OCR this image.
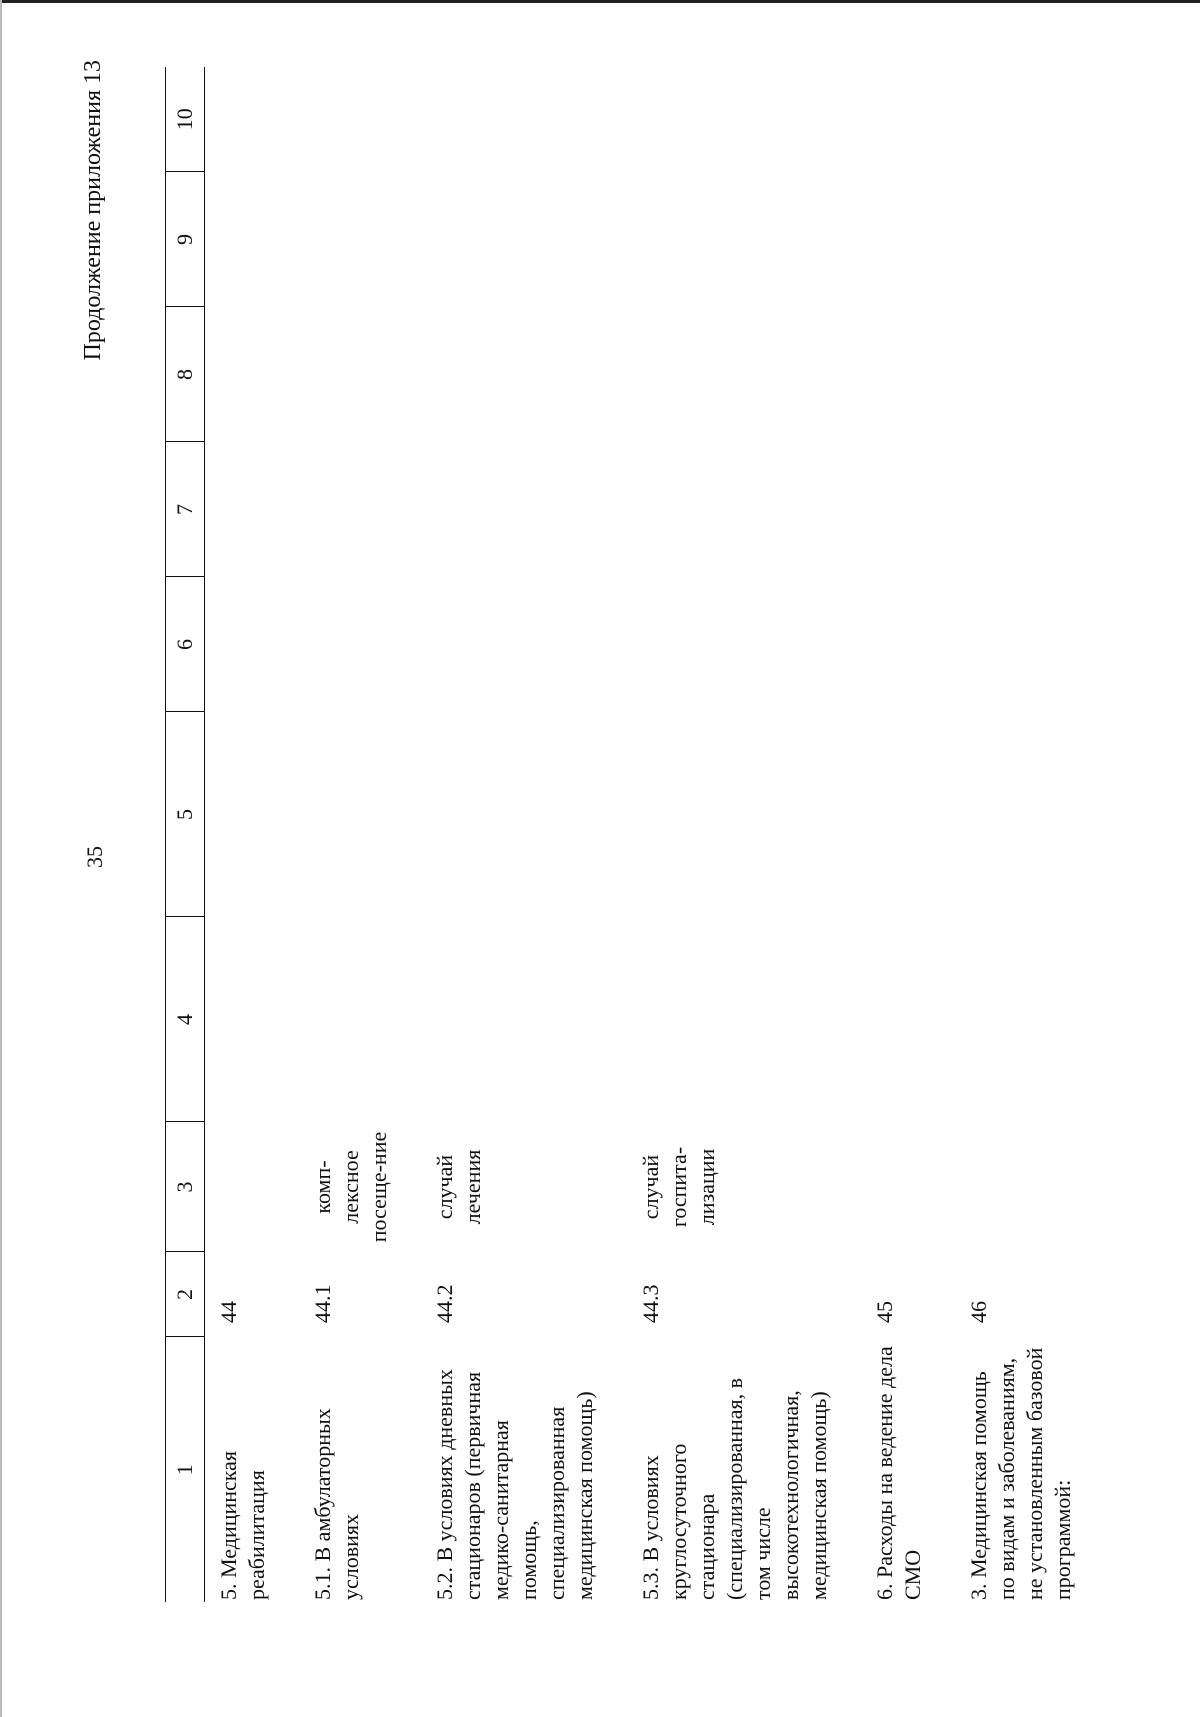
35
Продолжение приложения 13
1	2	3	4	5	6	7	8	9	10
5. Медицинская реабилитация	44								
5.1. В амбулаторных условиях	44.1	комп-лексное посеще-ние							
5.2. В условиях дневных стационаров (первичная медико-санитарная помощь, специализированная медицинская помощь)	44.2	случай лечения							
5.3. В условиях круглосуточного стационара (специализированная, в том числе высокотехнологичная, медицинская помощь)	44.3	случай госпита-лизации							
6. Расходы на ведение дела СМО	45								
3. Медицинская помощь по видам и заболеваниям, не установленным базовой программой:	46								
